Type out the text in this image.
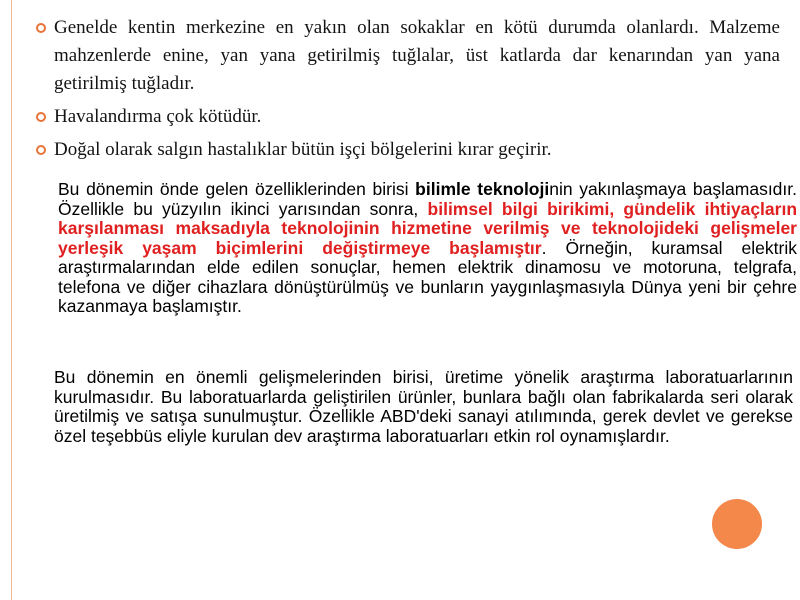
Genelde kentin merkezine en yakın olan sokaklar en kötü durumda olanlardı. Malzeme mahzenlerde enine, yan yana getirilmiş tuğlalar, üst katlarda dar kenarından yan yana getirilmiş tuğladır.
Havalandırma çok kötüdür.
Doğal olarak salgın hastalıklar bütün işçi bölgelerini kırar geçirir.

Bu dönemin önde gelen özelliklerinden birisi bilimle teknolojinin yakınlaşmaya başlamasıdır. Özellikle bu yüzyılın ikinci yarısından sonra, bilimsel bilgi birikimi, gündelik ihtiyaçların karşılanması maksadıyla teknolojinin hizmetine verilmiş ve teknolojideki gelişmeler yerleşik yaşam biçimlerini değiştirmeye başlamıştır. Örneğin, kuramsal elektrik araştırmalarından elde edilen sonuçlar, hemen elektrik dinamosu ve motoruna, telgrafa, telefona ve diğer cihazlara dönüştürülmüş ve bunların yaygınlaşmasıyla Dünya yeni bir çehre kazanmaya başlamıştır.

Bu dönemin en önemli gelişmelerinden birisi, üretime yönelik araştırma laboratuarlarının kurulmasıdır. Bu laboratuarlarda geliştirilen ürünler, bunlara bağlı olan fabrikalarda seri olarak üretilmiş ve satışa sunulmuştur. Özellikle ABD'deki sanayi atılımında, gerek devlet ve gerekse özel teşebbüs eliyle kurulan dev araştırma laboratuarları etkin rol oynamışlardır.
